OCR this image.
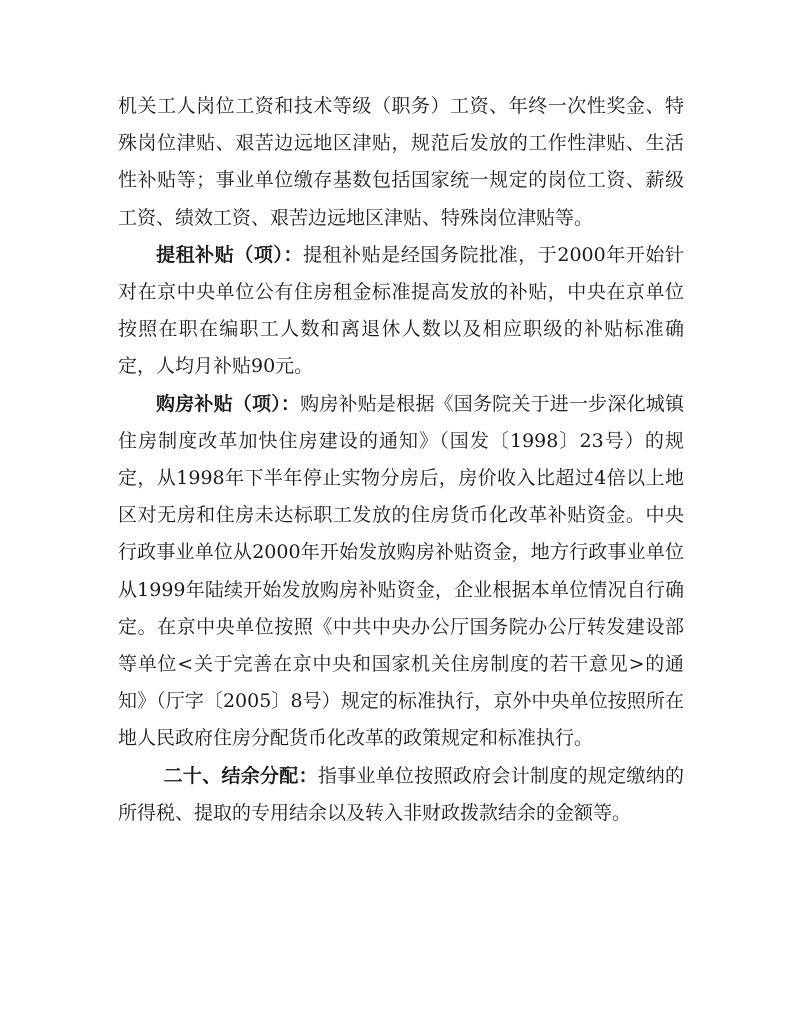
机关工人岗位工资和技术等级（职务）工资、年终一次性奖金、特殊岗位津贴、艰苦边远地区津贴，规范后发放的工作性津贴、生活性补贴等；事业单位缴存基数包括国家统一规定的岗位工资、薪级工资、绩效工资、艰苦边远地区津贴、特殊岗位津贴等。

提租补贴（项）：提租补贴是经国务院批准，于2000年开始针对在京中央单位公有住房租金标准提高发放的补贴，中央在京单位按照在职在编职工人数和离退休人数以及相应职级的补贴标准确定，人均月补贴90元。

购房补贴（项）：购房补贴是根据《国务院关于进一步深化城镇住房制度改革加快住房建设的通知》（国发〔1998〕23号）的规定，从1998年下半年停止实物分房后，房价收入比超过4倍以上地区对无房和住房未达标职工发放的住房货币化改革补贴资金。中央行政事业单位从2000年开始发放购房补贴资金，地方行政事业单位从1999年陆续开始发放购房补贴资金，企业根据本单位情况自行确定。在京中央单位按照《中共中央办公厅国务院办公厅转发建设部等单位<关于完善在京中央和国家机关住房制度的若干意见>的通知》（厅字〔2005〕8号）规定的标准执行，京外中央单位按照所在地人民政府住房分配货币化改革的政策规定和标准执行。

二十、结余分配：指事业单位按照政府会计制度的规定缴纳的所得税、提取的专用结余以及转入非财政拨款结余的金额等。
